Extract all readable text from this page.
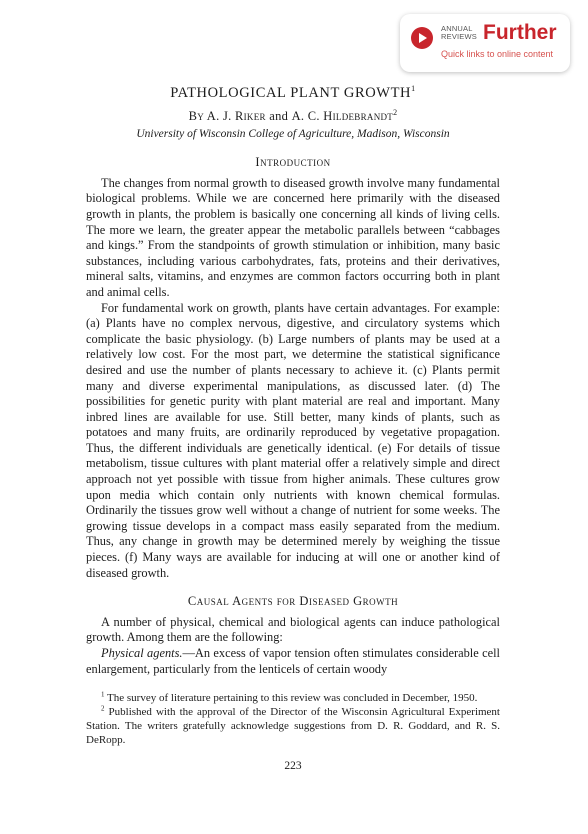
ANNUAL
REVIEWS Further
Quick links to online content
PATHOLOGICAL PLANT GROWTH$^1$
By A. J. Riker and A. C. Hildebrandt$^2$
University of Wisconsin College of Agriculture, Madison, Wisconsin
Introduction

The changes from normal growth to diseased growth involve many fundamental biological problems. While we are concerned here primarily with the diseased growth in plants, the problem is basically one concerning all kinds of living cells. The more we learn, the greater appear the metabolic parallels between “cabbages and kings.” From the standpoints of growth stimulation or inhibition, many basic substances, including various carbohydrates, fats, proteins and their derivatives, mineral salts, vitamins, and enzymes are common factors occurring both in plant and animal cells.

For fundamental work on growth, plants have certain advantages. For example: (a) Plants have no complex nervous, digestive, and circulatory systems which complicate the basic physiology. (b) Large numbers of plants may be used at a relatively low cost. For the most part, we determine the statistical significance desired and use the number of plants necessary to achieve it. (c) Plants permit many and diverse experimental manipulations, as discussed later. (d) The possibilities for genetic purity with plant material are real and important. Many inbred lines are available for use. Still better, many kinds of plants, such as potatoes and many fruits, are ordinarily reproduced by vegetative propagation. Thus, the different individuals are genetically identical. (e) For details of tissue metabolism, tissue cultures with plant material offer a relatively simple and direct approach not yet possible with tissue from higher animals. These cultures grow upon media which contain only nutrients with known chemical formulas. Ordinarily the tissues grow well without a change of nutrient for some weeks. The growing tissue develops in a compact mass easily separated from the medium. Thus, any change in growth may be determined merely by weighing the tissue pieces. (f) Many ways are available for inducing at will one or another kind of diseased growth.

Causal Agents for Diseased Growth

A number of physical, chemical and biological agents can induce pathological growth. Among them are the following:

Physical agents.—An excess of vapor tension often stimulates considerable cell enlargement, particularly from the lenticels of certain woody

$^1$ The survey of literature pertaining to this review was concluded in December, 1950.

$^2$ Published with the approval of the Director of the Wisconsin Agricultural Experiment Station. The writers gratefully acknowledge suggestions from D. R. Goddard, and R. S. DeRopp.

223
